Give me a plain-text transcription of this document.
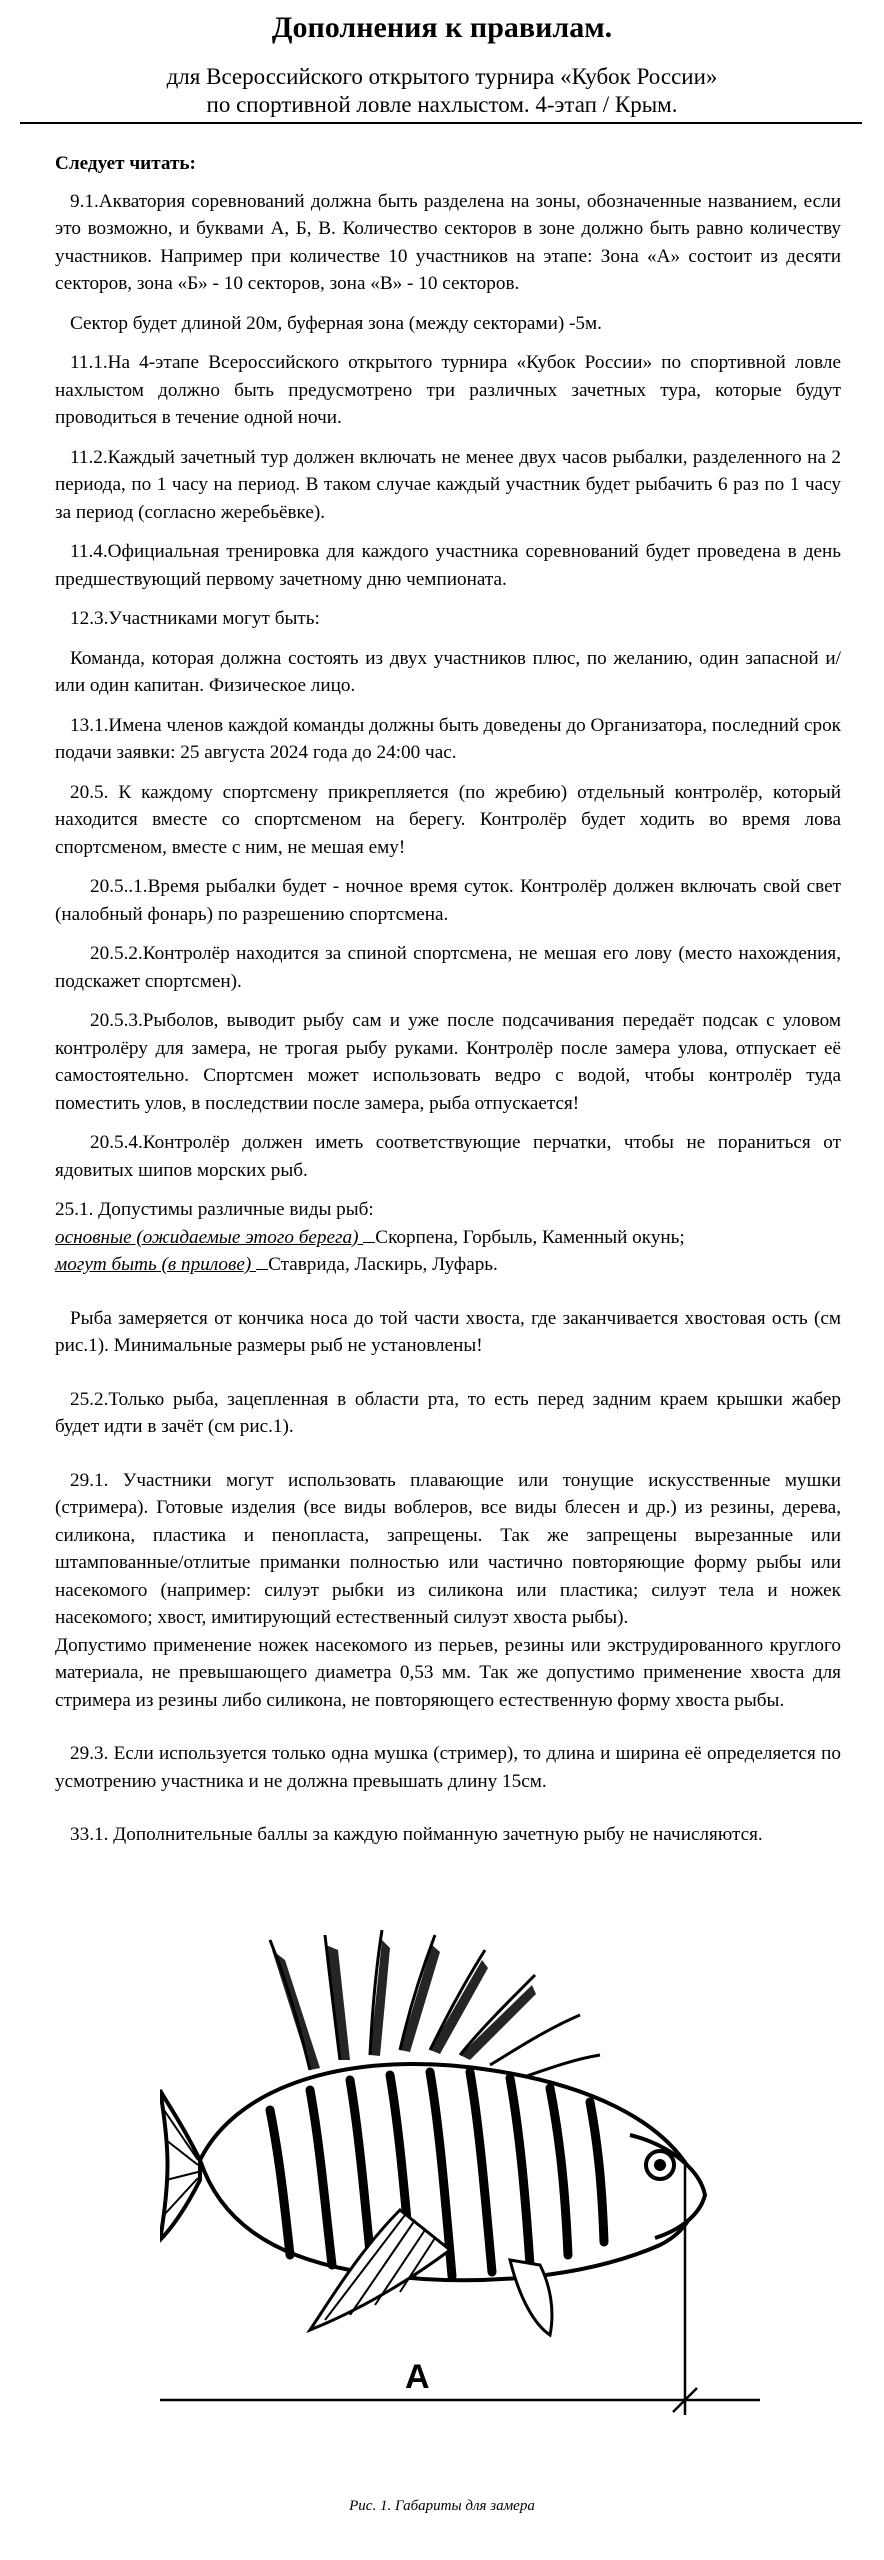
Дополнения к правилам.
для Всероссийского открытого турнира «Кубок России»
по спортивной ловле нахлыстом. 4-этап / Крым.

Следует читать:

9.1.Акватория соревнований должна быть разделена на зоны, обозначенные названием, если это возможно, и буквами А, Б, В. Количество секторов в зоне должно быть равно количеству участников. Например при количестве 10 участников на этапе: Зона «А» состоит из десяти секторов, зона «Б» - 10 секторов, зона «В» - 10 секторов.

Сектор будет длиной 20м, буферная зона (между секторами) -5м.

11.1.На 4-этапе Всероссийского открытого турнира «Кубок России» по спортивной ловле нахлыстом должно быть предусмотрено три различных зачетных тура, которые будут проводиться в течение одной ночи.

11.2.Каждый зачетный тур должен включать не менее двух часов рыбалки, разделенного на 2 периода, по 1 часу на период. В таком случае каждый участник будет рыбачить 6 раз по 1 часу за период (согласно жеребьёвке).

11.4.Официальная тренировка для каждого участника соревнований будет проведена в день предшествующий первому зачетному дню чемпионата.

12.3.Участниками могут быть:

Команда, которая должна состоять из двух участников плюс, по желанию, один запасной и/или один капитан. Физическое лицо.

13.1.Имена членов каждой команды должны быть доведены до Организатора, последний срок подачи заявки: 25 августа 2024 года до 24:00 час.

20.5. К каждому спортсмену прикрепляется (по жребию) отдельный контролёр, который находится вместе со спортсменом на берегу. Контролёр будет ходить во время лова спортсменом, вместе с ним, не мешая ему!

20.5..1.Время рыбалки будет - ночное время суток. Контролёр должен включать свой свет (налобный фонарь) по разрешению спортсмена.

20.5.2.Контролёр находится за спиной спортсмена, не мешая его лову (место нахождения, подскажет спортсмен).

20.5.3.Рыболов, выводит рыбу сам и уже после подсачивания передаёт подсак с уловом контролёру для замера, не трогая рыбу руками. Контролёр после замера улова, отпускает её самостоятельно. Спортсмен может использовать ведро с водой, чтобы контролёр туда поместить улов, в последствии после замера, рыба отпускается!

20.5.4.Контролёр должен иметь соответствующие перчатки, чтобы не пораниться от ядовитых шипов морских рыб.

25.1. Допустимы различные виды рыб:

основные (ожидаемые этого берега) Скорпена, Горбыль, Каменный окунь;

могут быть (в прилове) Ставрида, Ласкирь, Луфарь.

Рыба замеряется от кончика носа до той части хвоста, где заканчивается хвостовая ость (см рис.1). Минимальные размеры рыб не установлены!

25.2.Только рыба, зацепленная в области рта, то есть перед задним краем крышки жабер будет идти в зачёт (см рис.1).

29.1. Участники могут использовать плавающие или тонущие искусственные мушки (стримера). Готовые изделия (все виды воблеров, все виды блесен и др.) из резины, дерева, силикона, пластика и пенопласта, запрещены. Так же запрещены вырезанные или штампованные/отлитые приманки полностью или частично повторяющие форму рыбы или насекомого (например: силуэт рыбки из силикона или пластика; силуэт тела и ножек насекомого; хвост, имитирующий естественный силуэт хвоста рыбы).

Допустимо применение ножек насекомого из перьев, резины или экструдированного круглого материала, не превышающего диаметра 0,53 мм. Так же допустимо применение хвоста для стримера из резины либо силикона, не повторяющего естественную форму хвоста рыбы.

29.3. Если используется только одна мушка (стример), то длина и ширина её определяется по усмотрению участника и не должна превышать длину 15см.

33.1. Дополнительные баллы за каждую пойманную зачетную рыбу не начисляются.

A
Рис. 1. Габариты для замера
